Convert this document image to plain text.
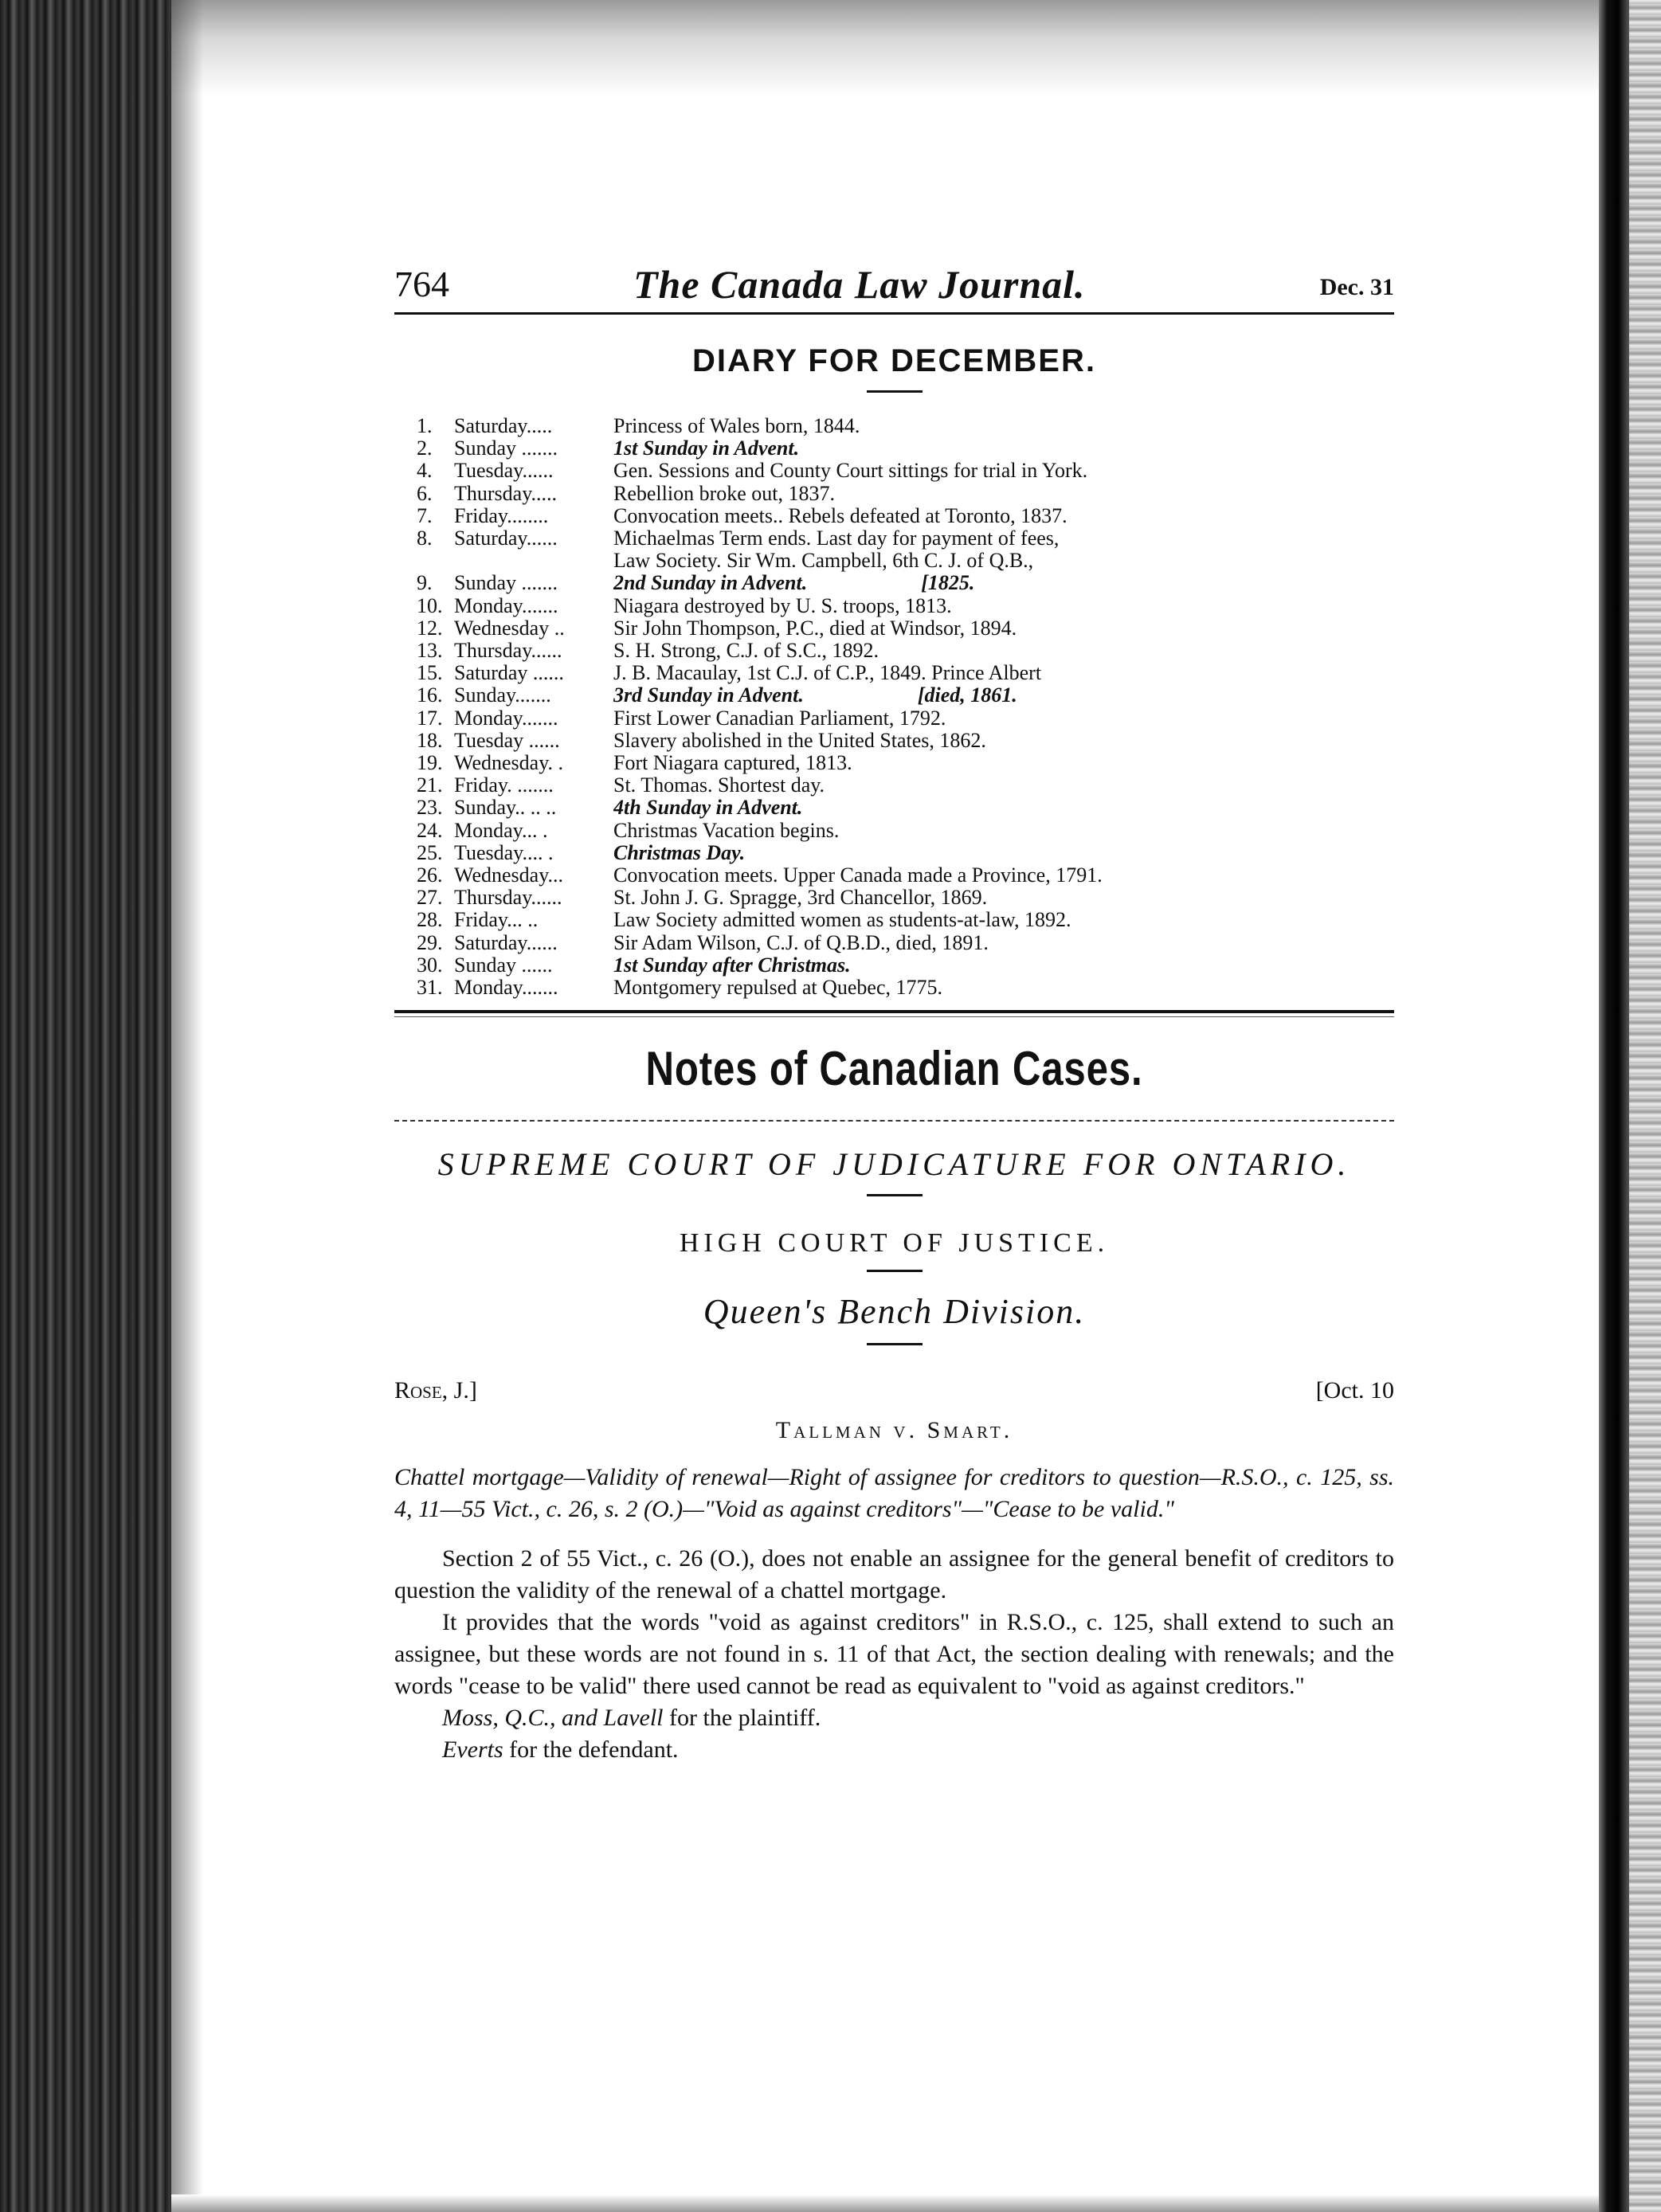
764	The Canada Law Journal.	Dec. 31
DIARY FOR DECEMBER.
1.	Saturday.....	Princess of Wales born, 1844.
2.	Sunday .......	1st Sunday in Advent.
4.	Tuesday......	Gen. Sessions and County Court sittings for trial in York.
6.	Thursday.....	Rebellion broke out, 1837.
7.	Friday........	Convocation meets.. Rebels defeated at Toronto, 1837.
8.	Saturday......	Michaelmas Term ends. Last day for payment of fees,
Law Society. Sir Wm. Campbell, 6th C. J. of Q.B.,
9.	Sunday .......	2nd Sunday in Advent.                      [1825.
10. Monday.......	Niagara destroyed by U. S. troops, 1813.
12. Wednesday ..	Sir John Thompson, P.C., died at Windsor, 1894.
13. Thursday......	S. H. Strong, C.J. of S.C., 1892.
15. Saturday ......	J. B. Macaulay, 1st C.J. of C.P., 1849. Prince Albert
16. Sunday.......	3rd Sunday in Advent.                      [died, 1861.
17. Monday.......	First Lower Canadian Parliament, 1792.
18. Tuesday ......	Slavery abolished in the United States, 1862.
19. Wednesday. .	Fort Niagara captured, 1813.
21. Friday. .......	St. Thomas. Shortest day.
23. Sunday.. .. ..	4th Sunday in Advent.
24. Monday... .	Christmas Vacation begins.
25. Tuesday.... .	Christmas Day.
26. Wednesday...	Convocation meets. Upper Canada made a Province, 1791.
27. Thursday......	St. John J. G. Spragge, 3rd Chancellor, 1869.
28. Friday... ..	Law Society admitted women as students-at-law, 1892.
29. Saturday......	Sir Adam Wilson, C.J. of Q.B.D., died, 1891.
30. Sunday ......	1st Sunday after Christmas.
31. Monday.......	Montgomery repulsed at Quebec, 1775.
Notes of Canadian Cases.
SUPREME COURT OF JUDICATURE FOR ONTARIO.
HIGH COURT OF JUSTICE.
Queen's Bench Division.
Rose, J.]	[Oct. 10
Tallman v. Smart.
Chattel mortgage—Validity of renewal—Right of assignee for creditors to question—R.S.O., c. 125, ss. 4, 11—55 Vict., c. 26, s. 2 (O.)—"Void as against creditors"—"Cease to be valid."
Section 2 of 55 Vict., c. 26 (O.), does not enable an assignee for the general benefit of creditors to question the validity of the renewal of a chattel mortgage.
It provides that the words "void as against creditors" in R.S.O., c. 125, shall extend to such an assignee, but these words are not found in s. 11 of that Act, the section dealing with renewals; and the words "cease to be valid" there used cannot be read as equivalent to "void as against creditors."
Moss, Q.C., and Lavell for the plaintiff.
Everts for the defendant.
